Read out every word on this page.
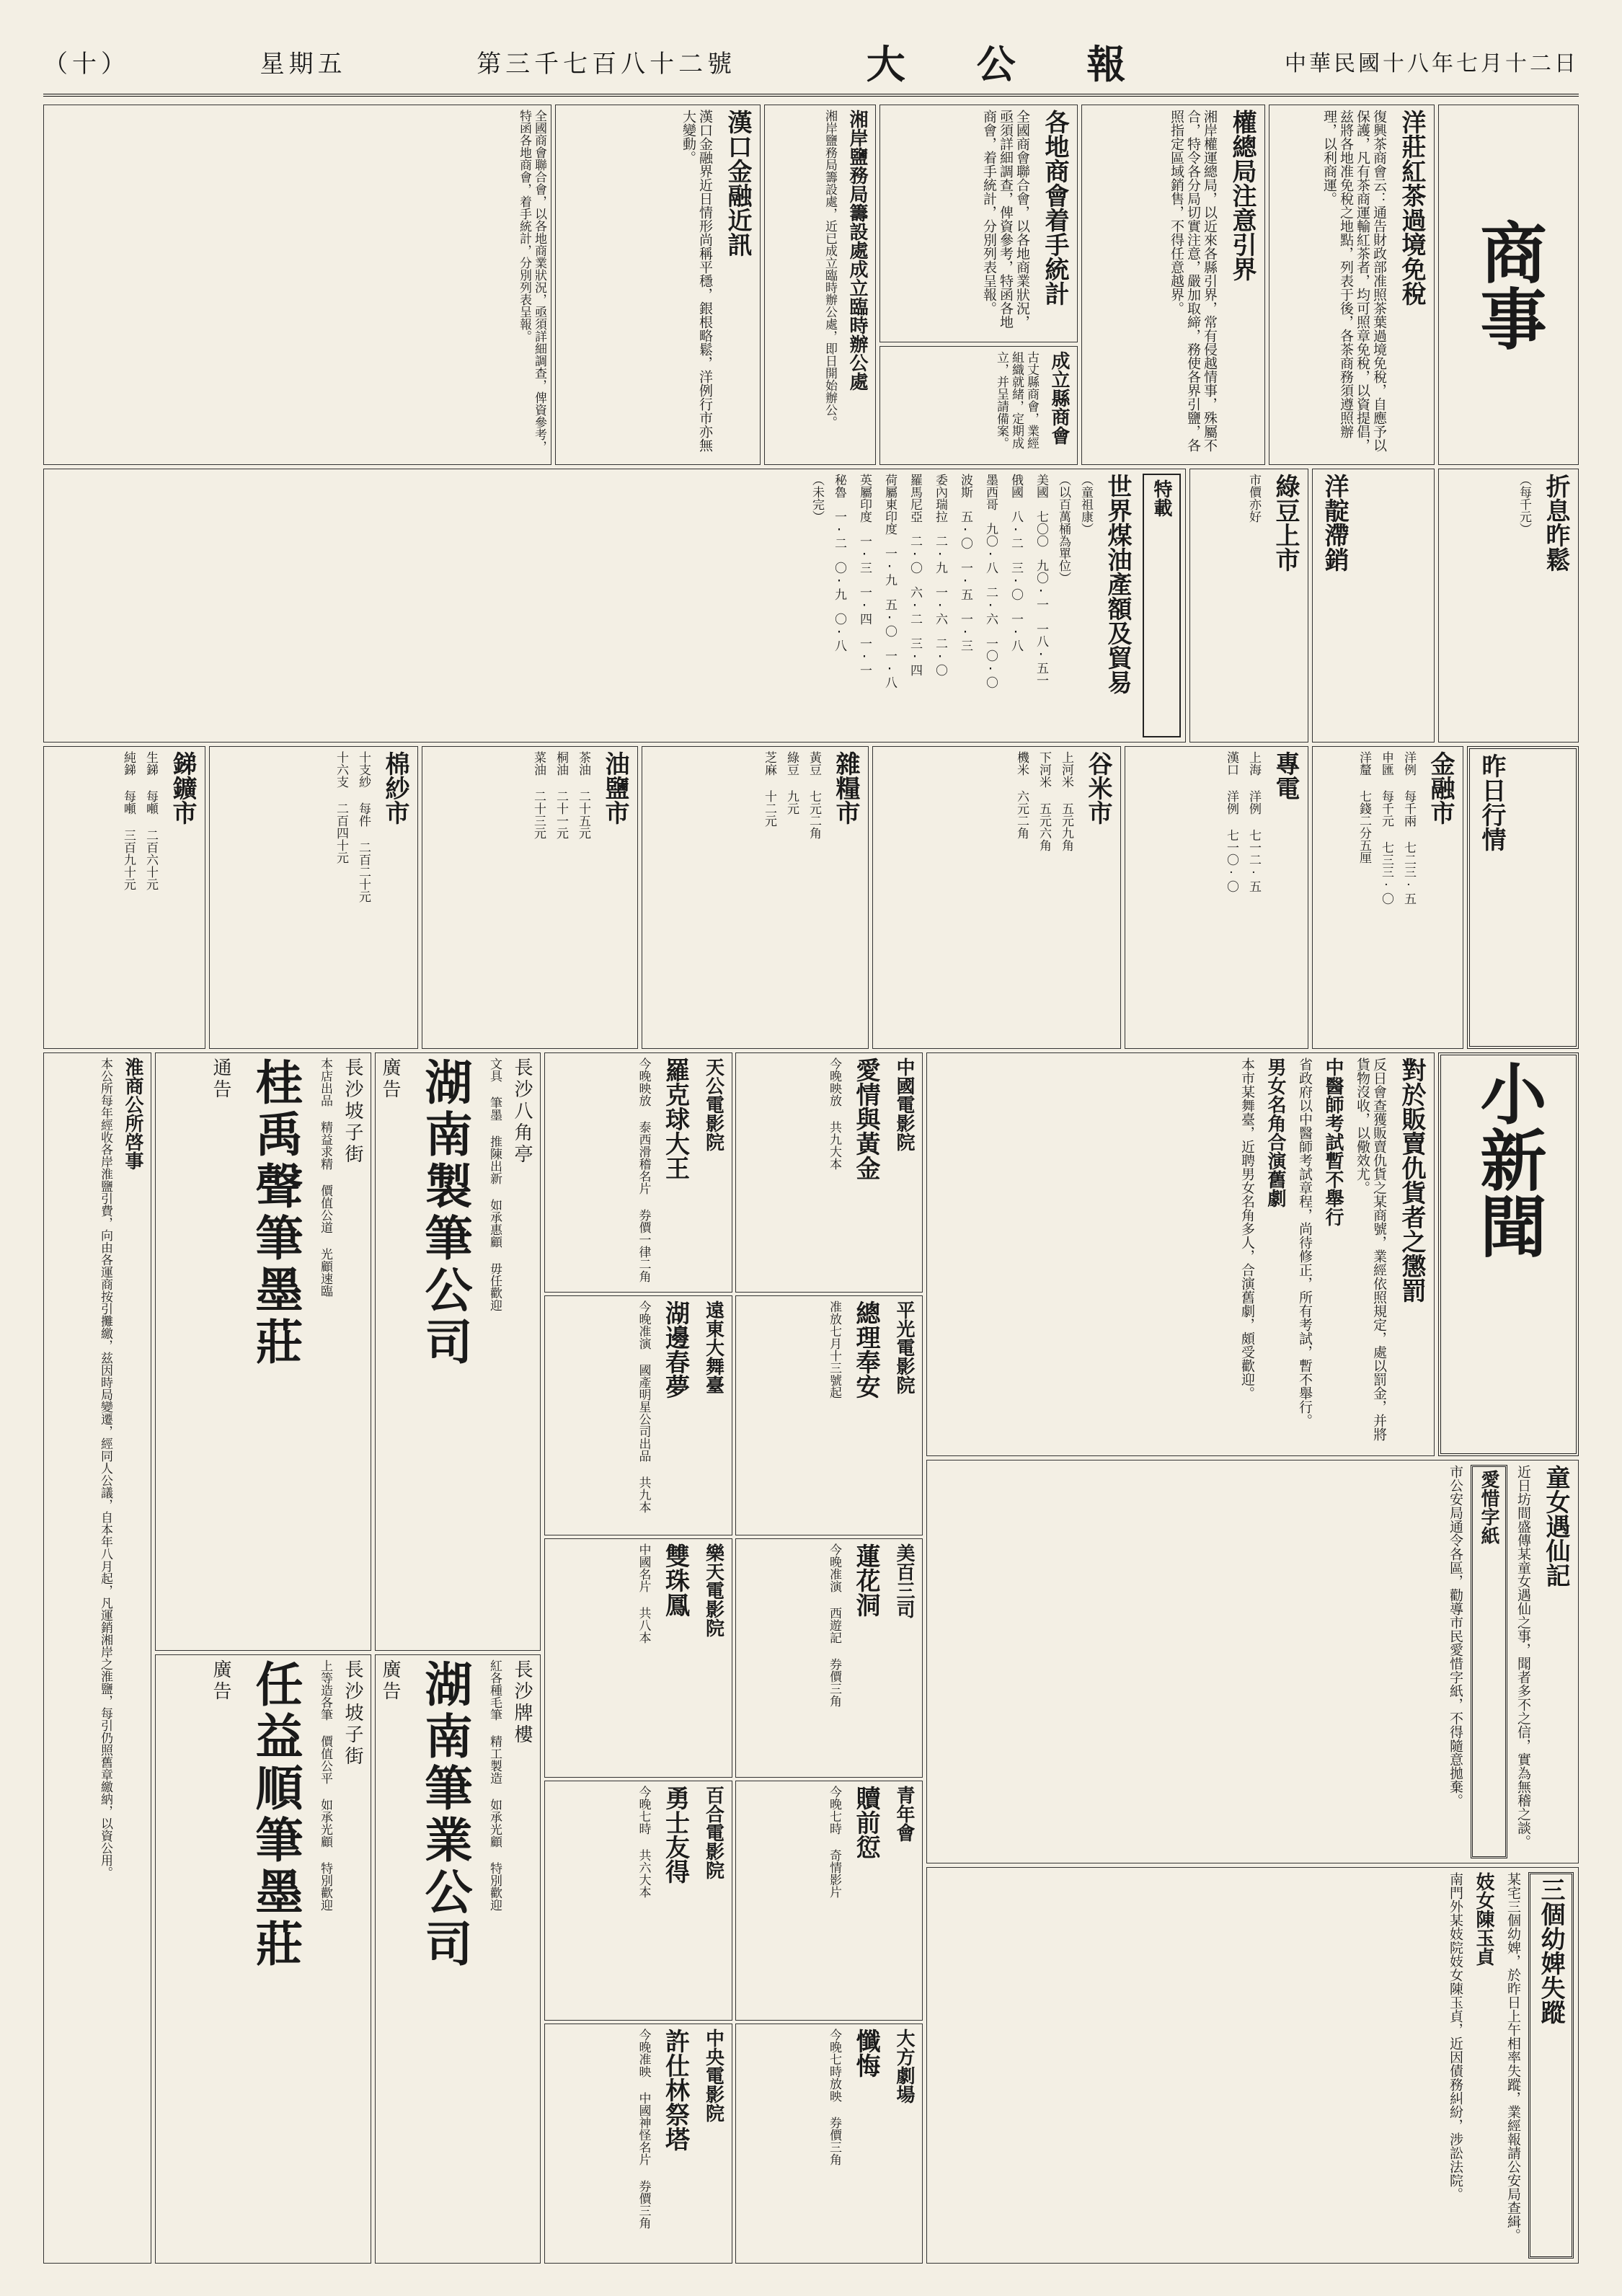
（十）	星期五	第三千七百八十二號	大 公 報	中華民國十八年七月十二日
商事
洋莊紅茶過境免稅
復興茶商會云：通告財政部准照茶葉過境免稅，自應予以保護，凡有茶商運輸紅茶者，均可照章免稅，以資提倡，兹將各地准免稅之地點，列表于後，各茶商務須遵照辦理，以利商運。
權總局注意引界
湘岸權運總局，以近來各縣引界，常有侵越情事，殊屬不合，特令各分局切實注意，嚴加取締，務使各界引鹽，各照指定區域銷售，不得任意越界。
各地商會着手統計
全國商會聯合會，以各地商業狀況，亟須詳細調查，俾資參考，特函各地商會，着手統計，分別列表呈報。
成立縣商會
古丈縣商會，業經組織就緒，定期成立，并呈請備案。
湘岸鹽務局籌設處成立臨時辦公處
湘岸鹽務局籌設處，近已成立臨時辦公處，即日開始辦公。
漢口金融近訊
漢口金融界近日情形尚稱平穩，銀根略鬆，洋例行市亦無大變動。
全國商會聯合會，以各地商業狀況，亟須詳細調查，俾資參考，特函各地商會，着手統計，分別列表呈報。
折息昨鬆
（每千元）
洋靛滯銷
綠豆上市
市價亦好
特載
世界煤油產額及貿易
（童祖康）
（以百萬桶為單位）
美國　七〇〇　九〇·一　一八·五一
俄國　八·二　三·〇　一·八
墨西哥　九〇·八　二·六　一〇·〇
波斯　五·〇　一·五　一·三
委內瑞拉　二·九　一·六　二·〇
羅馬尼亞　二·〇　六·二　三·四
荷屬東印度　一·九　五·〇　一·八
英屬印度　一·三　一·四　一·一
秘魯　一·二　〇·九　〇·八
（未完）
昨日行情
金融市
洋例 每千兩 七二三·五
申匯 每千元 七三三·〇
洋釐 七錢二分五厘
專電
上海 洋例 七一二·五
漢口 洋例 七一〇·〇
谷米市
上河米 五元九角
下河米 五元六角
機米 六元二角
雜糧市
黃豆 七元二角
綠豆 九元
芝麻 十二元
油鹽市
茶油 二十五元
桐油 二十一元
菜油 二十三元
棉紗市
十支紗 每件 二百二十元
十六支 二百四十元
銻鑛市
生銻 每噸 二百六十元
純銻 每噸 三百九十元
淮商公所啓事
本公所每年經收各岸淮鹽引費，向由各運商按引攤繳，兹因時局變遷，經同人公議，自本年八月起，凡運銷湘岸之淮鹽，每引仍照舊章繳納，以資公用。	長沙八角亭
文具 筆墨 推陳出新 如承惠顧 毋任歡迎
湖南製筆公司
廣告
長沙坡子街
本店出品 精益求精 價值公道 光顧速臨
桂禹聲筆墨莊
通告
長沙牌樓
紅各種毛筆 精工製造 如承光顧 特別歡迎
湖南筆業公司
廣告
長沙坡子街
上等造各筆 價值公平 如承光顧 特別歡迎
任益順筆墨莊
廣告
天公電影院
羅克球大王
今晚映放 泰西滑稽名片 券價一律二角	中國電影院
愛情與黃金
今晚映放 共九大本
遠東大舞臺
湖邊春夢
今晚准演 國產明星公司出品 共九本	平光電影院
總理奉安
准放七月十三號起
樂天電影院
雙珠鳳
中國名片 共八本	美百三司
蓮花洞
今晚准演 西遊記 券價三角
百合電影院
勇士友得
今晚七時 共六大本	青年會
贖前愆
今晚七時 奇情影片
中央電影院
許仕林祭塔
今晚准映 中國神怪名片 券價三角	大方劇場
懺悔
今晚七時放映 券價三角
小新聞
對於販賣仇貨者之懲罰
反日會查獲販賣仇貨之某商號，業經依照規定，處以罰金，并將貨物沒收，以儆效尤。
中醫師考試暫不舉行
省政府以中醫師考試章程，尚待修正，所有考試，暫不舉行。
男女名角合演舊劇
本市某舞臺，近聘男女名角多人，合演舊劇，頗受歡迎。
童女遇仙記
近日坊間盛傳某童女遇仙之事，聞者多不之信，實為無稽之談。
愛惜字紙
市公安局通令各區，勸導市民愛惜字紙，不得隨意拋棄。
三個幼婢失蹤
某宅三個幼婢，於昨日上午相率失蹤，業經報請公安局查緝。
妓女陳玉貞
南門外某妓院妓女陳玉貞，近因債務糾紛，涉訟法院。
